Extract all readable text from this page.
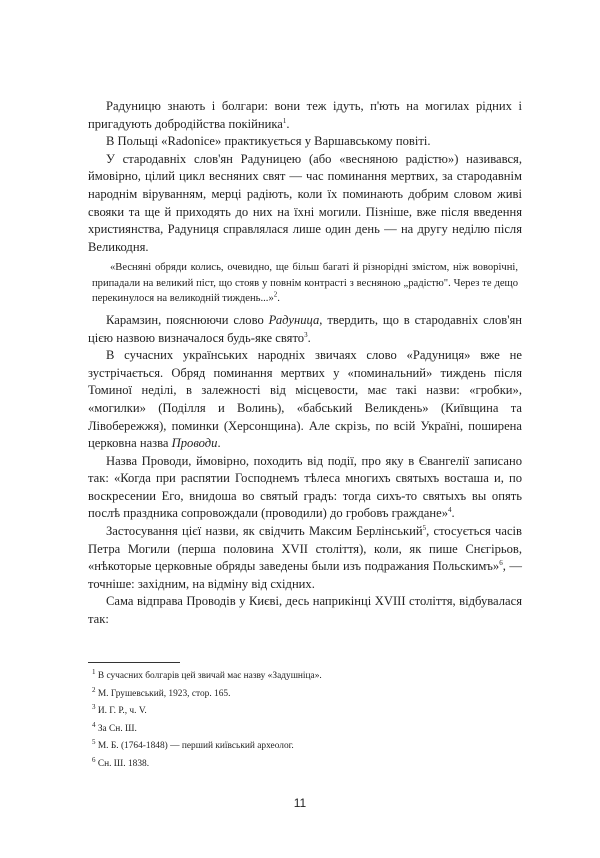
Радуницю знають і болгари: вони теж ідуть, п'ють на могилах рідних і пригадують добродійства покійника$^1$.

В Польщі «Radonice» практикується у Варшавському повіті.

У стародавніх слов'ян Радуницею (або «весняною радістю») називався, ймовірно, цілий цикл весняних свят — час поминання мертвих, за стародавнім народнім віруванням, мерці радіють, коли їх поминають добрим словом живі свояки та ще й приходять до них на їхні могили. Пізніше, вже після введення християнства, Радуниця справлялася лише один день — на другу неділю після Великодня.

«Весняні обряди колись, очевидно, ще більш багаті й різнорідні змістом, ніж воворічні, припадали на великий піст, що стояв у повнім контрасті з весняною „радістю". Через те дещо перекинулося на великодній тиждень...»$^2$.

Карамзин, пояснюючи слово Радуница, твердить, що в стародавніх слов'ян цією назвою визначалося будь-яке свято$^3$.

В сучасних українських народніх звичаях слово «Радуниця» вже не зустрічається. Обряд поминання мертвих у «поминальний» тиждень після Томиної неділі, в залежності від місцевости, має такі назви: «гробки», «могилки» (Поділля и Волинь), «бабський Великдень» (Київщина та Лівобережжя), поминки (Херсонщина). Але скрізь, по всій Україні, поширена церковна назва Проводи.

Назва Проводи, ймовірно, походить від події, про яку в Євангелії записано так: «Когда при распятии Господнемъ тѣлеса многихъ святыхъ восташа и, по воскресении Его, внидоша во святый градъ: тогда сихъ-то святыхъ вы опять послѣ праздника сопровождали (проводили) до гробовъ граждане»$^4$.

Застосування цієї назви, як свідчить Максим Берлінський$^5$, стосується часів Петра Могили (перша половина XVII століття), коли, як пише Снєгірьов, «нѣкоторые церковные обряды заведены были изъ подражания Польскимъ»$^6$, — точніше: західним, на відміну від східних.

Сама відправа Проводів у Києві, десь наприкінці XVIII століття, відбувалася так:

$^1$ В сучасних болгарів цей звичай має назву «Задушніца».
$^2$ М. Грушевський, 1923, стор. 165.
$^3$ И. Г. Р., ч. V.
$^4$ За Сн. Ш.
$^5$ М. Б. (1764-1848) — перший київський археолог.
$^6$ Сн. Ш. 1838.
11
